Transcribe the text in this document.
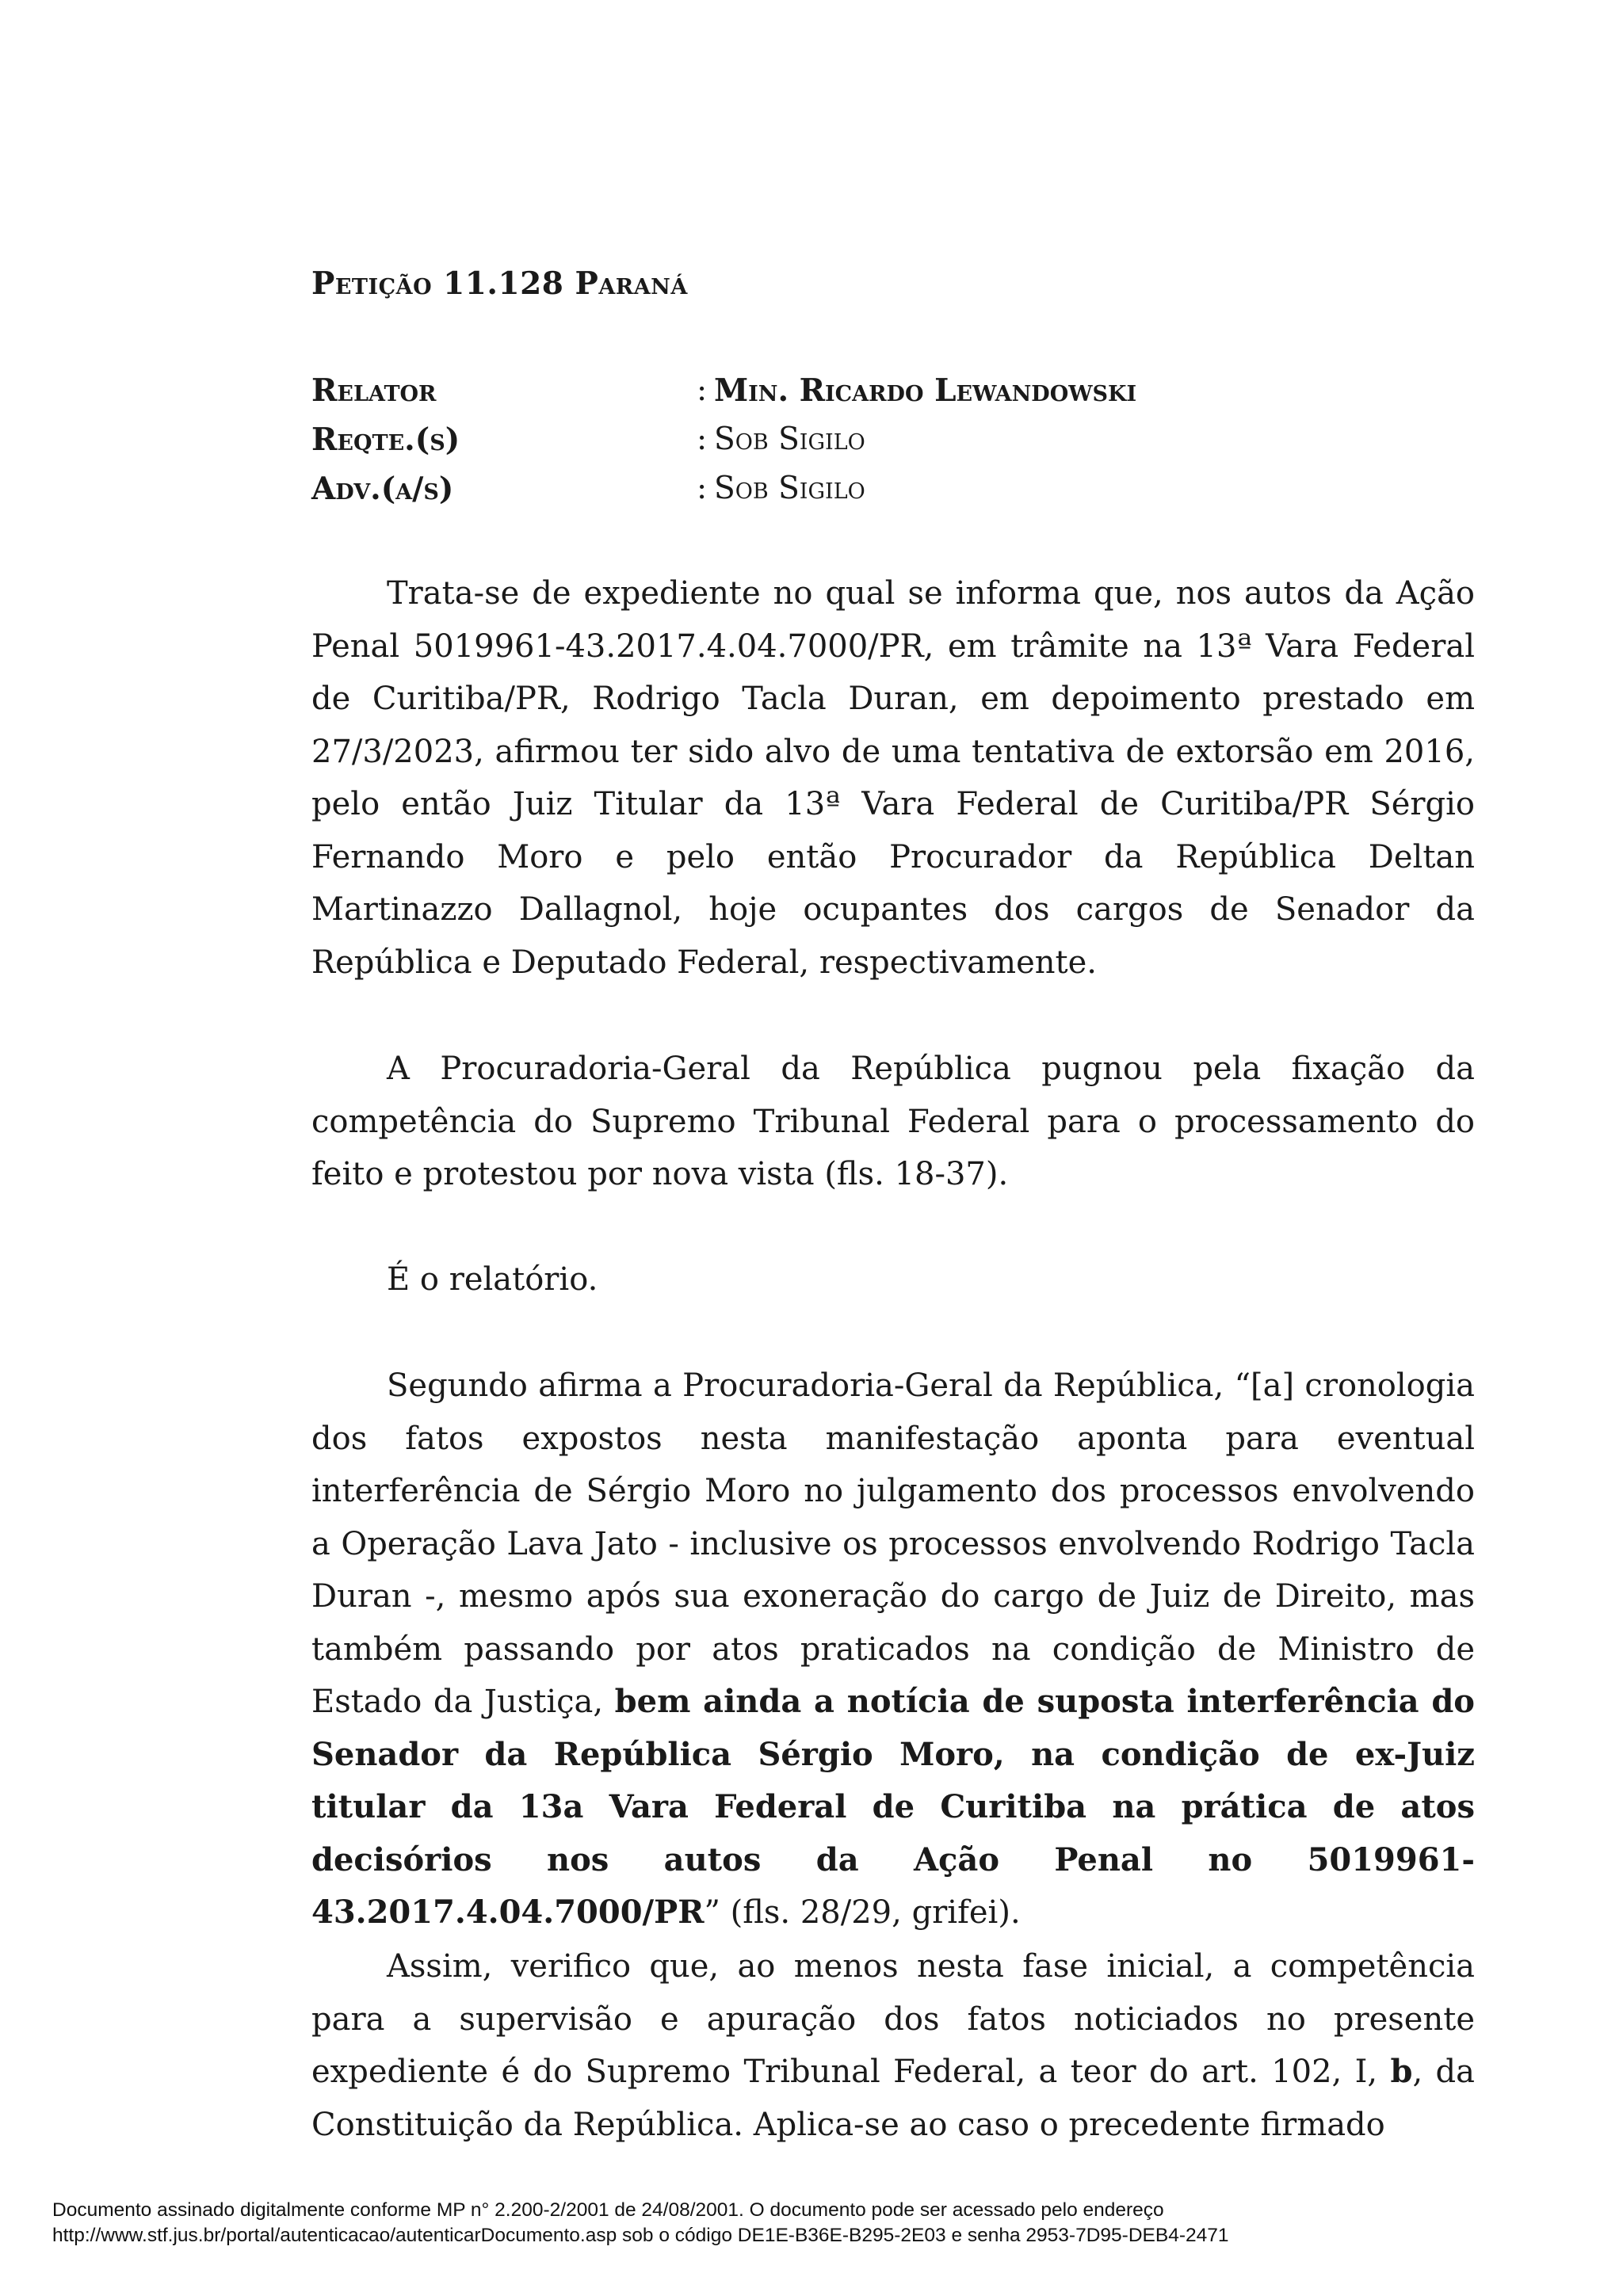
Petição 11.128 Paraná
Relator	: Min. Ricardo Lewandowski
Reqte.(s)	: Sob Sigilo
Adv.(a/s)	: Sob Sigilo

Trata-se de expediente no qual se informa que, nos autos da Ação Penal 5019961-43.2017.4.04.7000/PR, em trâmite na 13ª Vara Federal de Curitiba/PR, Rodrigo Tacla Duran, em depoimento prestado em 27/3/2023, afirmou ter sido alvo de uma tentativa de extorsão em 2016, pelo então Juiz Titular da 13ª Vara Federal de Curitiba/PR Sérgio Fernando Moro e pelo então Procurador da República Deltan Martinazzo Dallagnol, hoje ocupantes dos cargos de Senador da República e Deputado Federal, respectivamente.

A Procuradoria-Geral da República pugnou pela fixação da competência do Supremo Tribunal Federal para o processamento do feito e protestou por nova vista (fls. 18-37).

É o relatório.

Segundo afirma a Procuradoria-Geral da República, “[a] cronologia dos fatos expostos nesta manifestação aponta para eventual interferência de Sérgio Moro no julgamento dos processos envolvendo a Operação Lava Jato - inclusive os processos envolvendo Rodrigo Tacla Duran -, mesmo após sua exoneração do cargo de Juiz de Direito, mas também passando por atos praticados na condição de Ministro de Estado da Justiça, bem ainda a notícia de suposta interferência do Senador da República Sérgio Moro, na condição de ex-Juiz titular da 13a Vara Federal de Curitiba na prática de atos decisórios nos autos da Ação Penal no 5019961-43.2017.4.04.7000/PR” (fls. 28/29, grifei).

Assim, verifico que, ao menos nesta fase inicial, a competência para a supervisão e apuração dos fatos noticiados no presente expediente é do Supremo Tribunal Federal, a teor do art. 102, I, b, da Constituição da República. Aplica-se ao caso o precedente firmado

Documento assinado digitalmente conforme MP n° 2.200-2/2001 de 24/08/2001. O documento pode ser acessado pelo endereço
http://www.stf.jus.br/portal/autenticacao/autenticarDocumento.asp sob o código DE1E-B36E-B295-2E03 e senha 2953-7D95-DEB4-2471
